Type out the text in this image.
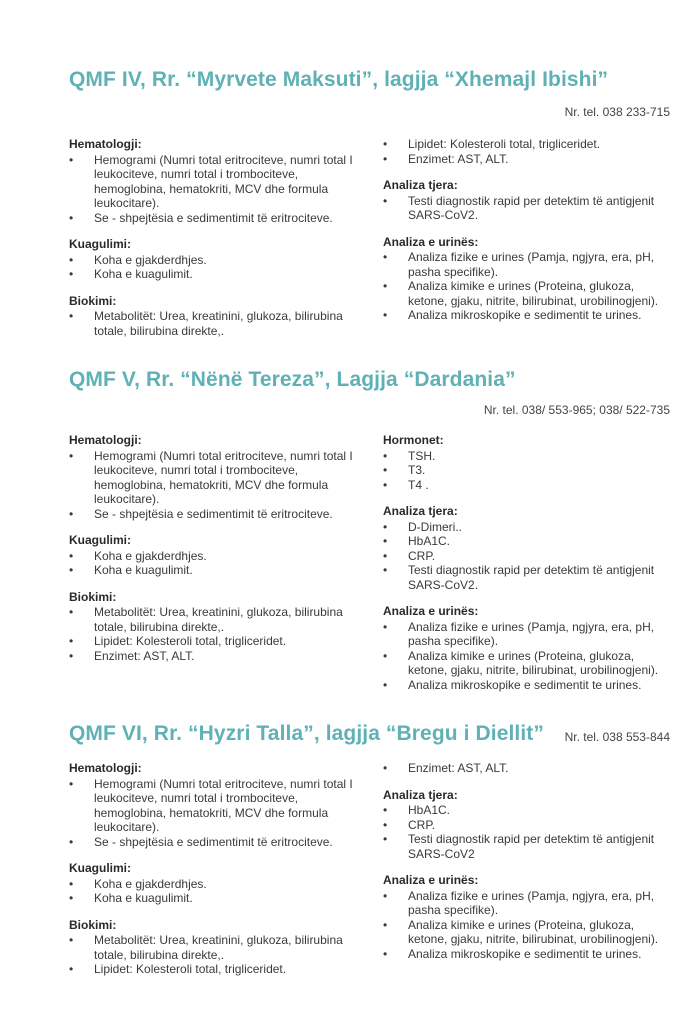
QMF IV, Rr. “Myrvete Maksuti”, lagjja “Xhemajl Ibishi”
Nr. tel. 038 233-715
Hematologji:
• Hemogrami (Numri total eritrociteve, numri total I leukociteve, numri total i trombociteve, hemoglobina, hematokriti, MCV dhe formula leukocitare).
• Se - shpejtësia e sedimentimit të eritrociteve.
Kuagulimi:
• Koha e gjakderdhjes.
• Koha e kuagulimit.
Biokimi:
• Metabolitët: Urea, kreatinini, glukoza, bilirubina totale, bilirubina direkte,.
• Lipidet: Kolesteroli total, trigliceridet.
• Enzimet: AST, ALT.
Analiza tjera:
• Testi diagnostik rapid per detektim të antigjenit SARS-CoV2.
Analiza e urinës:
• Analiza fizike e urines (Pamja, ngjyra, era, pH, pasha specifike).
• Analiza kimike e urines (Proteina, glukoza, ketone, gjaku, nitrite, bilirubinat, urobilinogjeni).
• Analiza mikroskopike e sedimentit te urines.
QMF V, Rr. “Nënë Tereza”, Lagjja “Dardania”
Nr. tel. 038/ 553-965; 038/ 522-735
Hematologji:
• Hemogrami (Numri total eritrociteve, numri total I leukociteve, numri total i trombociteve, hemoglobina, hematokriti, MCV dhe formula leukocitare).
• Se - shpejtësia e sedimentimit të eritrociteve.
Kuagulimi:
• Koha e gjakderdhjes.
• Koha e kuagulimit.
Biokimi:
• Metabolitët: Urea, kreatinini, glukoza, bilirubina totale, bilirubina direkte,.
• Lipidet: Kolesteroli total, trigliceridet.
• Enzimet: AST, ALT.
Hormonet:
• TSH.
• T3.
• T4 .
Analiza tjera:
• D-Dimeri..
• HbA1C.
• CRP.
• Testi diagnostik rapid per detektim të antigjenit SARS-CoV2.
Analiza e urinës:
• Analiza fizike e urines (Pamja, ngjyra, era, pH, pasha specifike).
• Analiza kimike e urines (Proteina, glukoza, ketone, gjaku, nitrite, bilirubinat, urobilinogjeni).
• Analiza mikroskopike e sedimentit te urines.
QMF VI, Rr. “Hyzri Talla”, lagjja “Bregu i Diellit” Nr. tel. 038 553-844
Hematologji:
• Hemogrami (Numri total eritrociteve, numri total I leukociteve, numri total i trombociteve, hemoglobina, hematokriti, MCV dhe formula leukocitare).
• Se - shpejtësia e sedimentimit të eritrociteve.
Kuagulimi:
• Koha e gjakderdhjes.
• Koha e kuagulimit.
Biokimi:
• Metabolitët: Urea, kreatinini, glukoza, bilirubina totale, bilirubina direkte,.
• Lipidet: Kolesteroli total, trigliceridet.
• Enzimet: AST, ALT.
Analiza tjera:
• HbA1C.
• CRP.
• Testi diagnostik rapid per detektim të antigjenit SARS-CoV2
Analiza e urinës:
• Analiza fizike e urines (Pamja, ngjyra, era, pH, pasha specifike).
• Analiza kimike e urines (Proteina, glukoza, ketone, gjaku, nitrite, bilirubinat, urobilinogjeni).
• Analiza mikroskopike e sedimentit te urines.
